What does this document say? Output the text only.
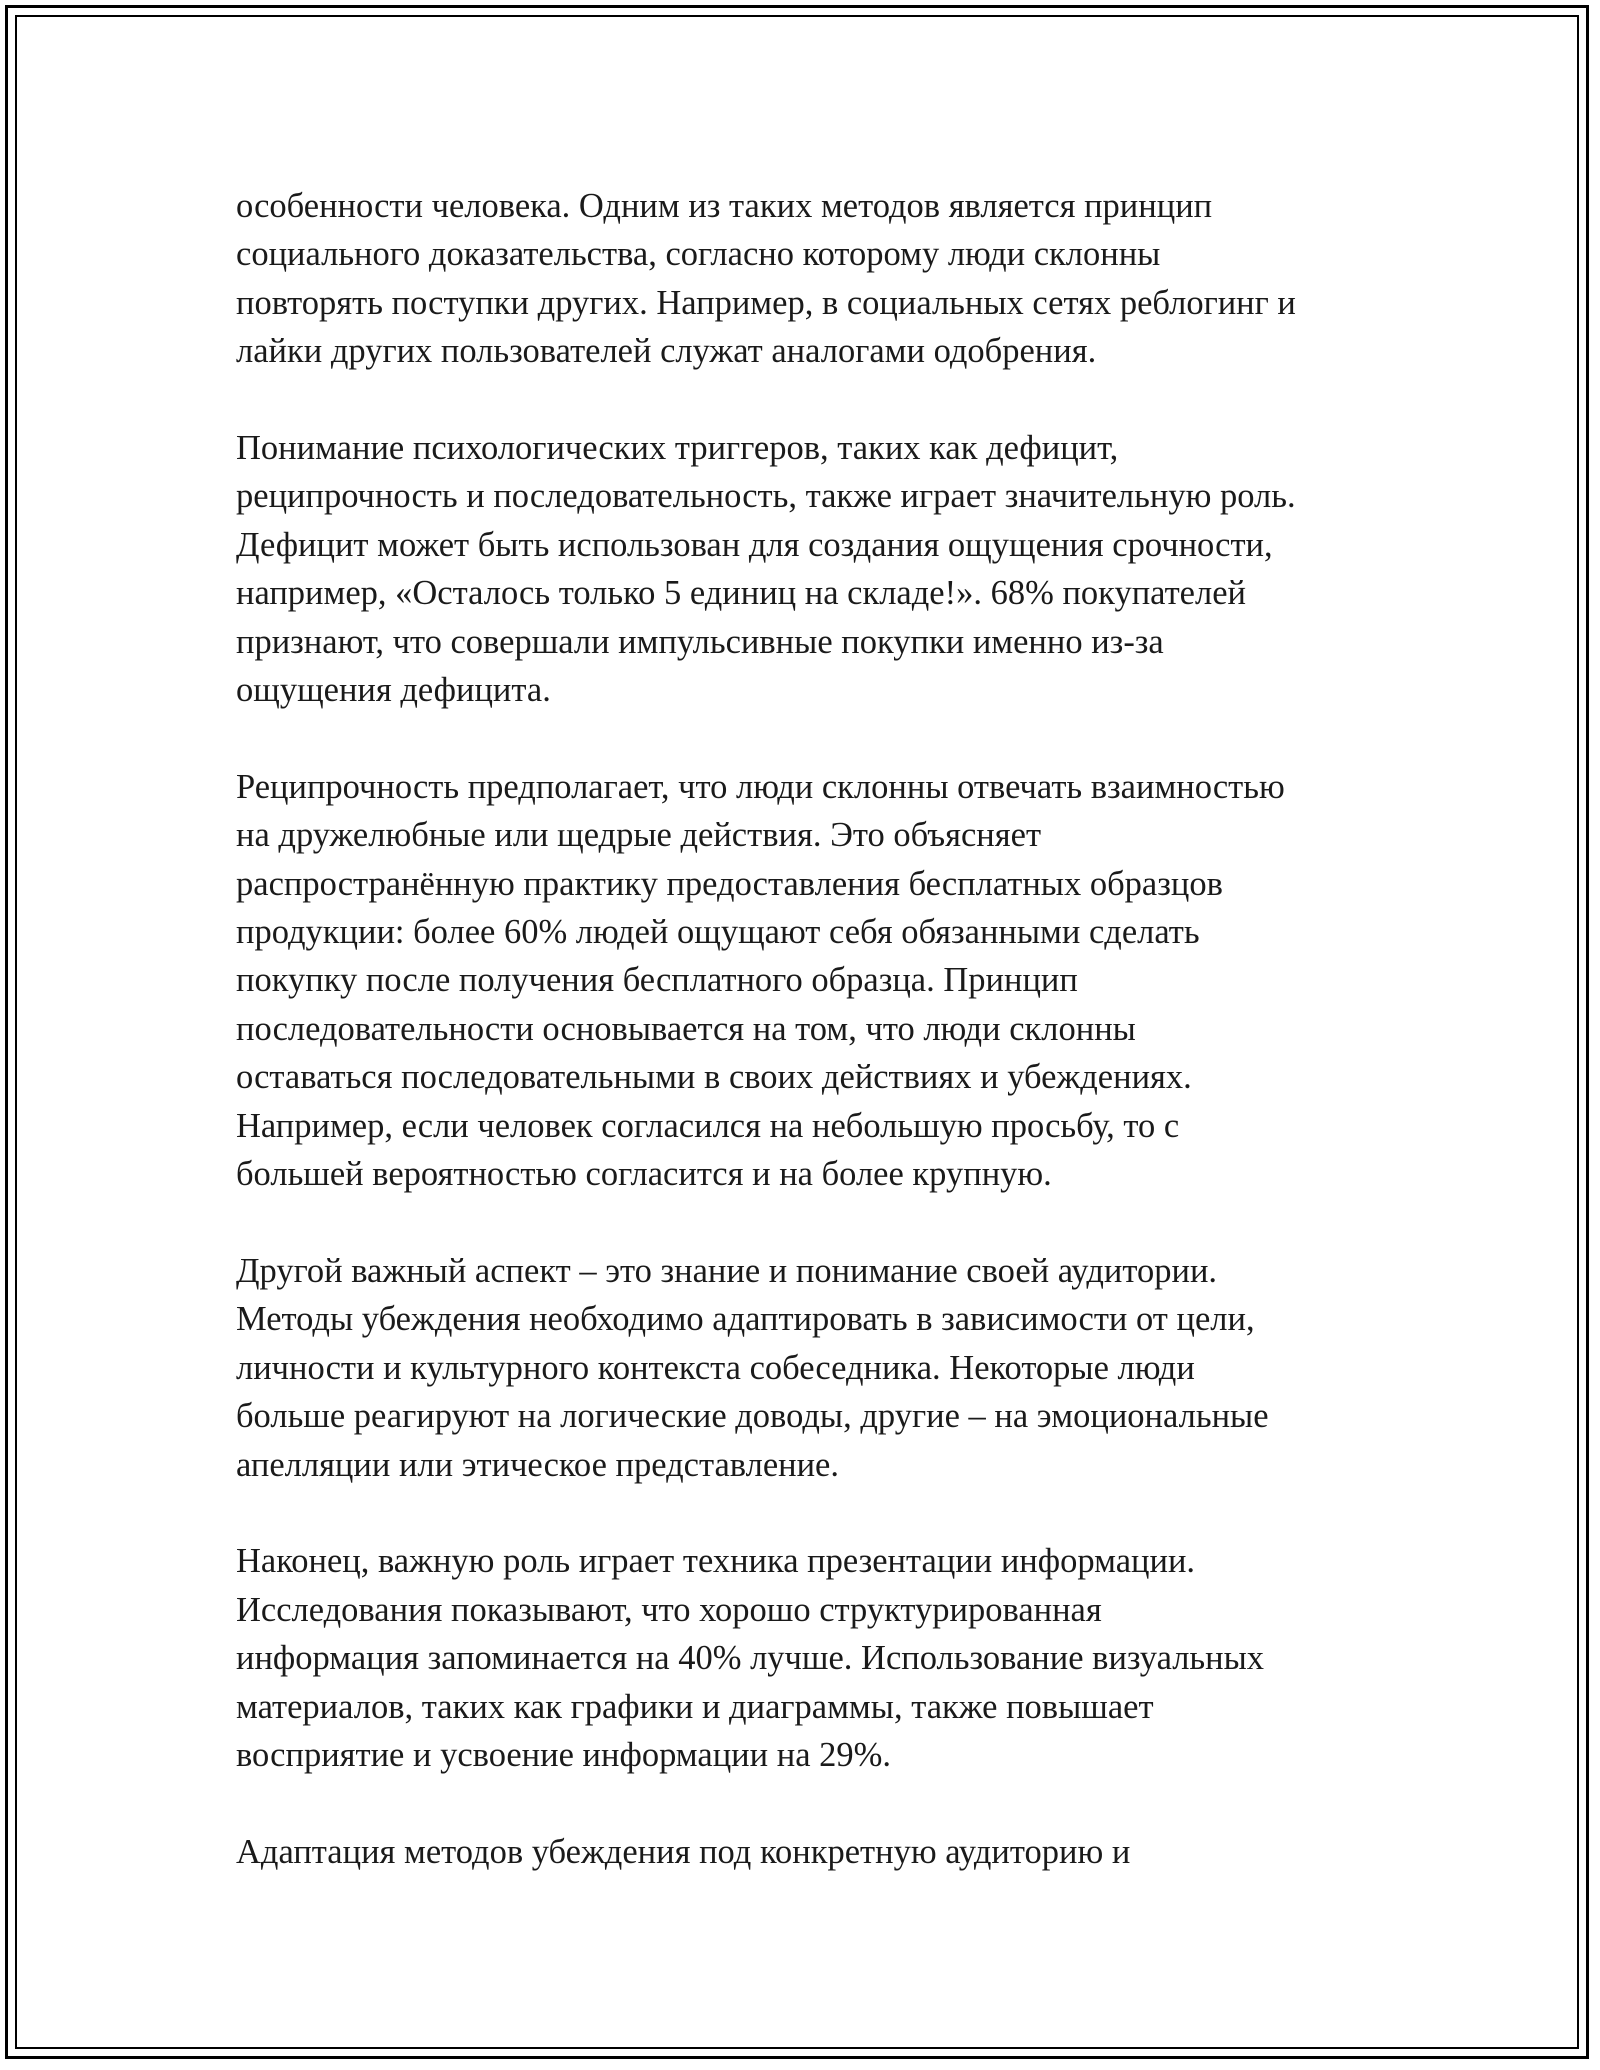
особенности человека. Одним из таких методов является принцип
социального доказательства, согласно которому люди склонны
повторять поступки других. Например, в социальных сетях реблогинг и
лайки других пользователей служат аналогами одобрения.

Понимание психологических триггеров, таких как дефицит,
реципрочность и последовательность, также играет значительную роль.
Дефицит может быть использован для создания ощущения срочности,
например, «Осталось только 5 единиц на складе!». 68% покупателей
признают, что совершали импульсивные покупки именно из-за
ощущения дефицита.

Реципрочность предполагает, что люди склонны отвечать взаимностью
на дружелюбные или щедрые действия. Это объясняет
распространённую практику предоставления бесплатных образцов
продукции: более 60% людей ощущают себя обязанными сделать
покупку после получения бесплатного образца. Принцип
последовательности основывается на том, что люди склонны
оставаться последовательными в своих действиях и убеждениях.
Например, если человек согласился на небольшую просьбу, то с
большей вероятностью согласится и на более крупную.

Другой важный аспект – это знание и понимание своей аудитории.
Методы убеждения необходимо адаптировать в зависимости от цели,
личности и культурного контекста собеседника. Некоторые люди
больше реагируют на логические доводы, другие – на эмоциональные
апелляции или этическое представление.

Наконец, важную роль играет техника презентации информации.
Исследования показывают, что хорошо структурированная
информация запоминается на 40% лучше. Использование визуальных
материалов, таких как графики и диаграммы, также повышает
восприятие и усвоение информации на 29%.

Адаптация методов убеждения под конкретную аудиторию и
